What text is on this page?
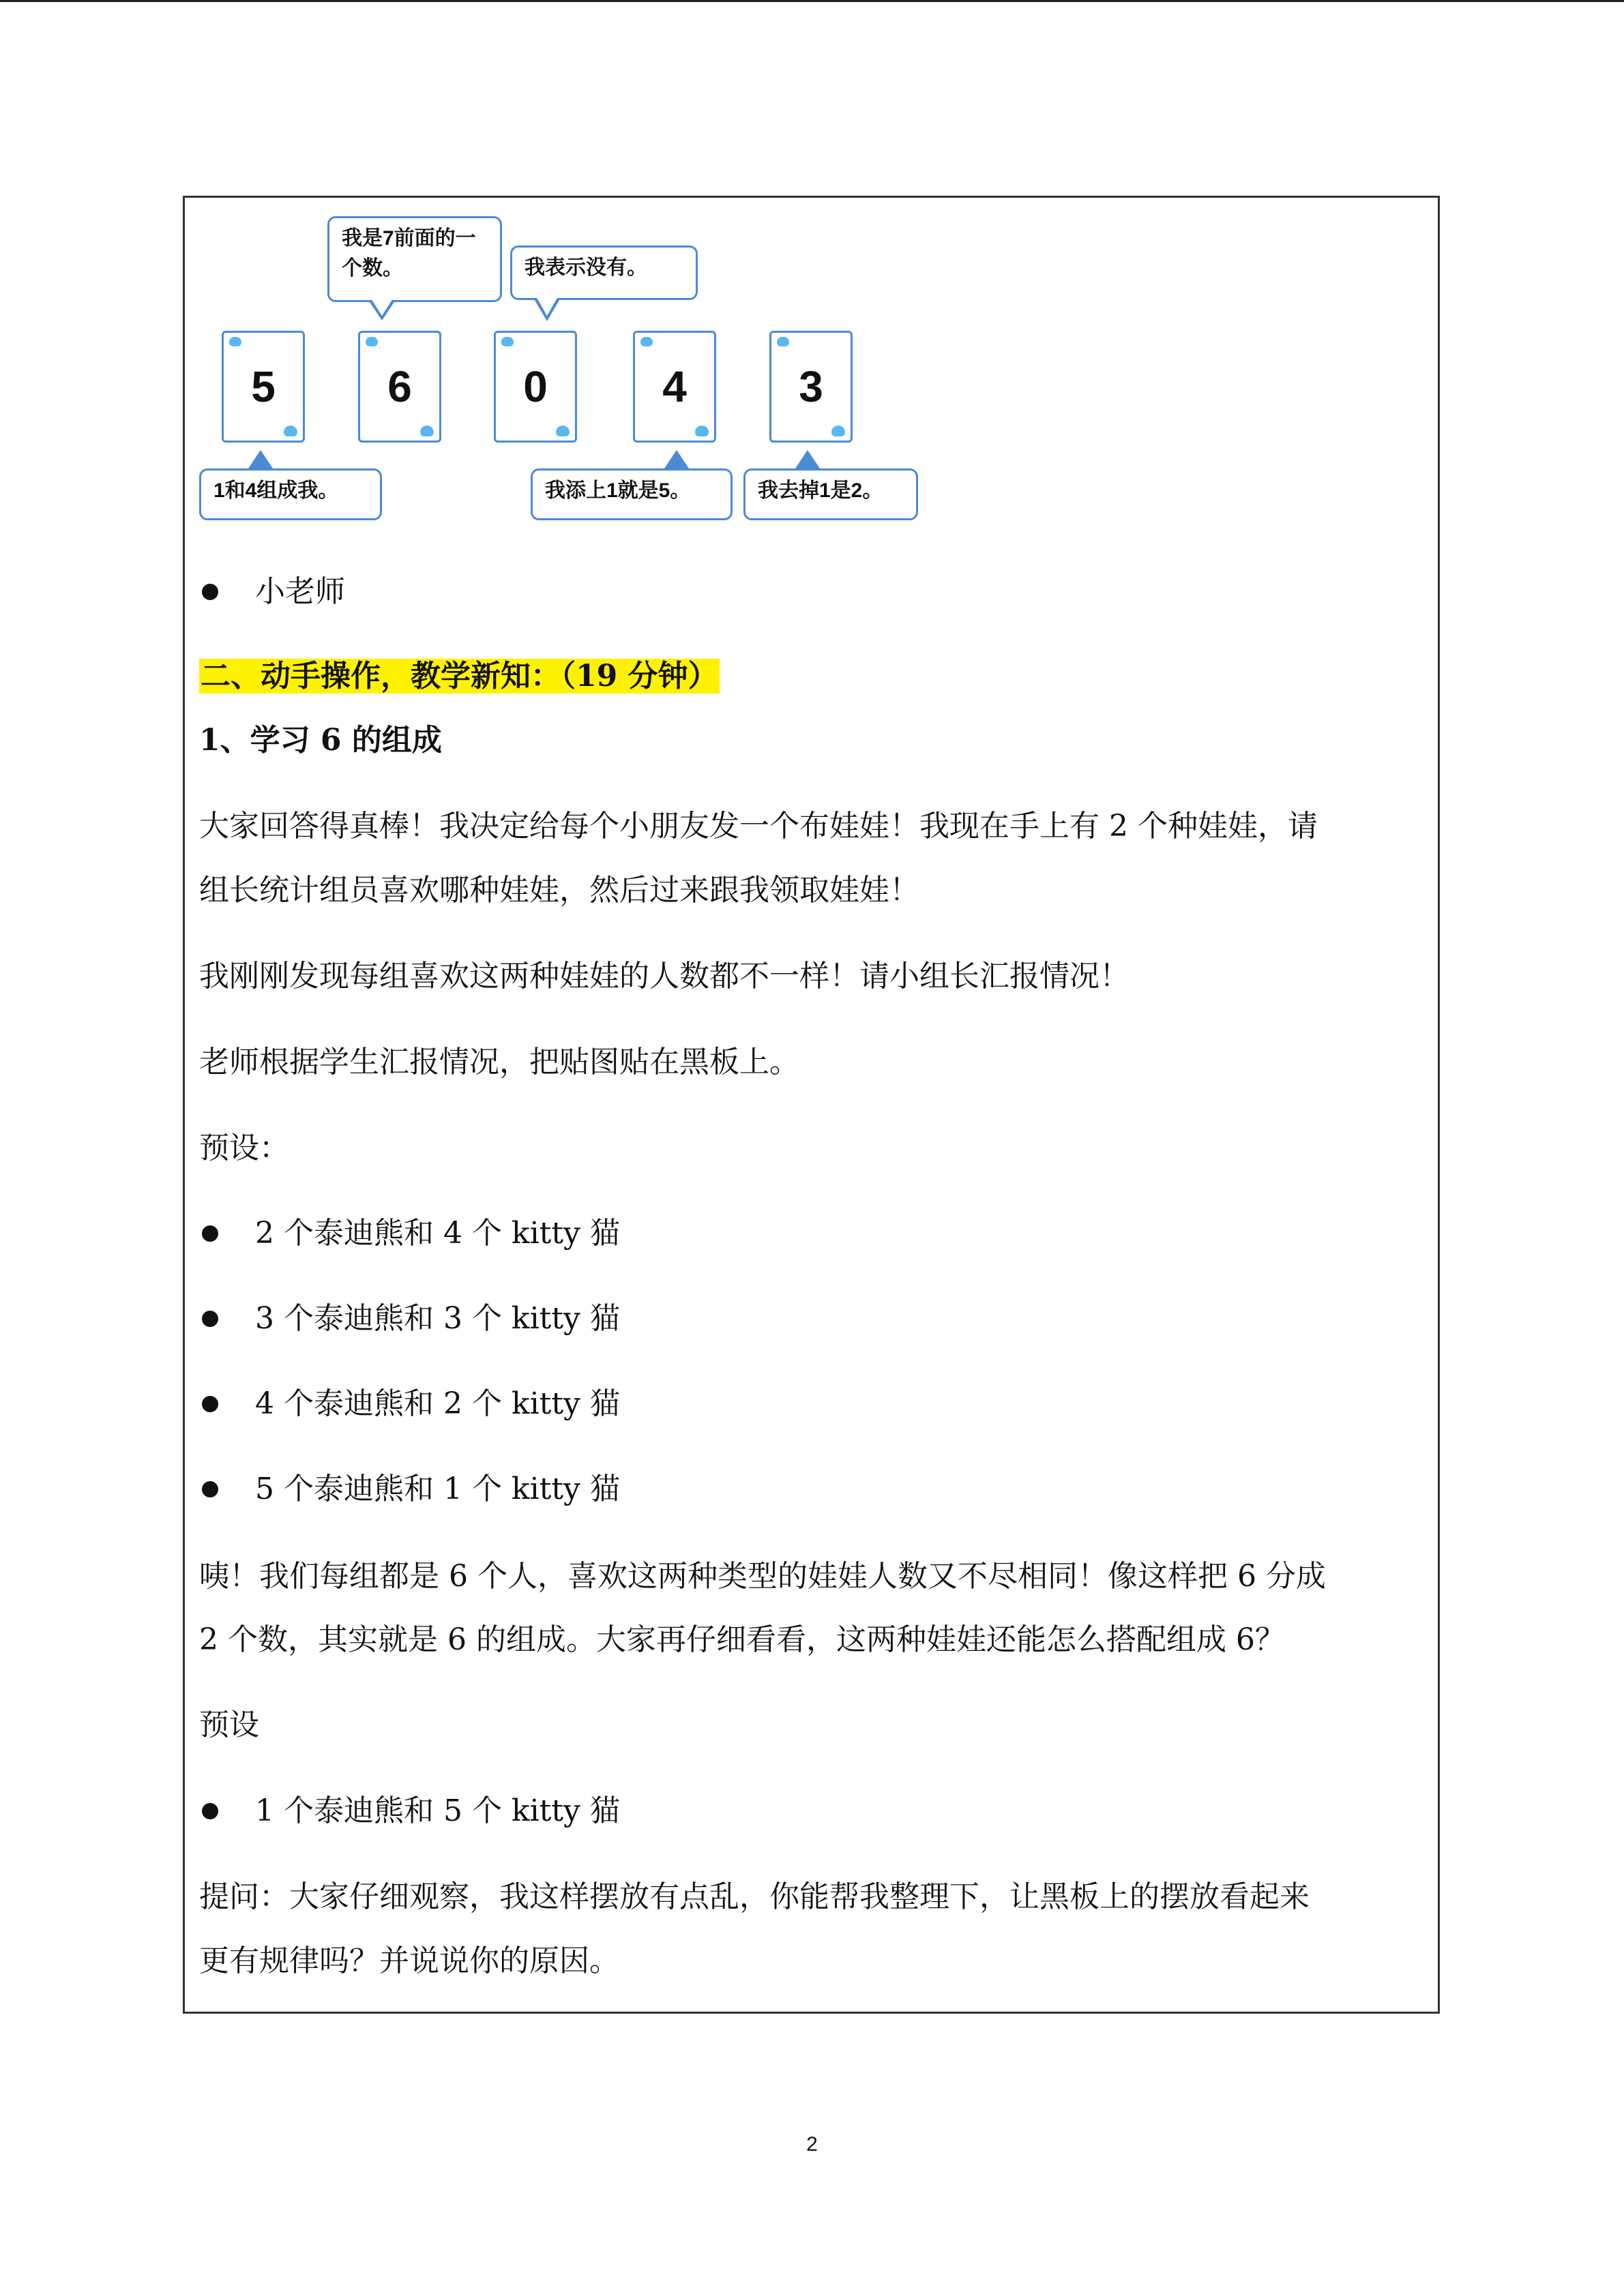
我是7前面的一个数。	我表示没有。
5	6	0	4	3
1和4组成我。	我添上1就是5。	我去掉1是2。
小老师
二、动手操作，教学新知：（19 分钟）
1、学习 6 的组成
大家回答得真棒！我决定给每个小朋友发一个布娃娃！我现在手上有 2 个种娃娃，请
组长统计组员喜欢哪种娃娃，然后过来跟我领取娃娃！
我刚刚发现每组喜欢这两种娃娃的人数都不一样！请小组长汇报情况！
老师根据学生汇报情况，把贴图贴在黑板上。
预设：
2 个泰迪熊和 4 个 kitty 猫
3 个泰迪熊和 3 个 kitty 猫
4 个泰迪熊和 2 个 kitty 猫
5 个泰迪熊和 1 个 kitty 猫
咦！我们每组都是 6 个人，喜欢这两种类型的娃娃人数又不尽相同！像这样把 6 分成
2 个数，其实就是 6 的组成。大家再仔细看看，这两种娃娃还能怎么搭配组成 6？
预设
1 个泰迪熊和 5 个 kitty 猫
提问：大家仔细观察，我这样摆放有点乱，你能帮我整理下，让黑板上的摆放看起来
更有规律吗？并说说你的原因。
2
